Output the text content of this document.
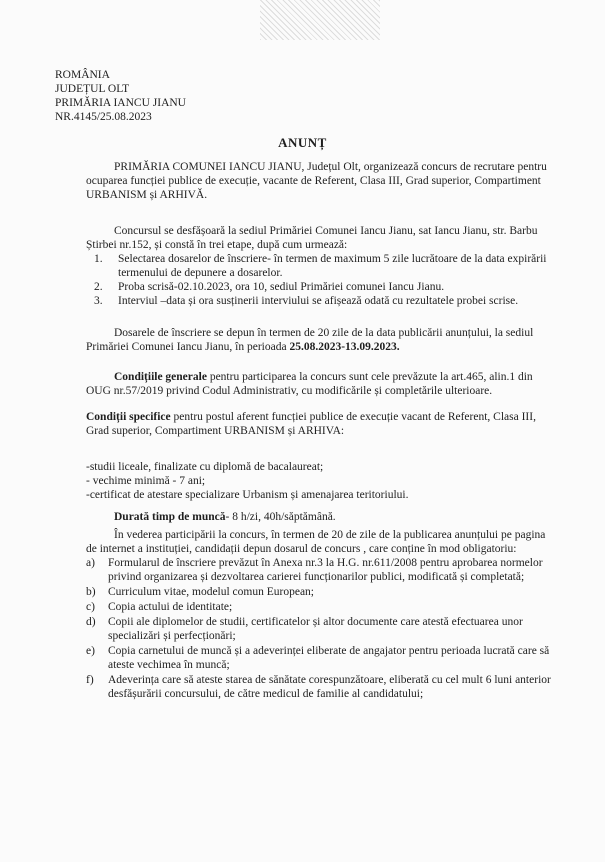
ROMÂNIA
JUDEȚUL OLT
PRIMĂRIA IANCU JIANU
NR.4145/25.08.2023
ANUNȚ

PRIMĂRIA COMUNEI IANCU JIANU, Județul Olt, organizează concurs de recrutare pentru ocuparea funcției publice de execuție, vacante de Referent, Clasa III, Grad superior, Compartiment URBANISM și ARHIVĂ.

Concursul se desfășoară la sediul Primăriei Comunei Iancu Jianu, sat Iancu Jianu, str. Barbu Știrbei nr.152, și constă în trei etape, după cum urmează:

1. Selectarea dosarelor de înscriere- în termen de maximum 5 zile lucrătoare de la data expirării termenului de depunere a dosarelor.
2. Proba scrisă-02.10.2023, ora 10, sediul Primăriei comunei Iancu Jianu.
3. Interviul –data și ora susținerii interviului se afișează odată cu rezultatele probei scrise.

Dosarele de înscriere se depun în termen de 20 zile de la data publicării anunțului, la sediul Primăriei Comunei Iancu Jianu, în perioada 25.08.2023-13.09.2023.

Condițiile generale pentru participarea la concurs sunt cele prevăzute la art.465, alin.1 din OUG nr.57/2019 privind Codul Administrativ, cu modificările și completările ulterioare.

Condiții specifice pentru postul aferent funcției publice de execuție vacant de Referent, Clasa III, Grad superior, Compartiment URBANISM și ARHIVA:

-studii liceale, finalizate cu diplomă de bacalaureat;
- vechime minimă - 7 ani;
-certificat de atestare specializare Urbanism și amenajarea teritoriului.

Durată timp de muncă- 8 h/zi, 40h/săptămână.

În vederea participării la concurs, în termen de 20 de zile de la publicarea anunțului pe pagina de internet a instituției, candidații depun dosarul de concurs , care conține în mod obligatoriu:

a) Formularul de înscriere prevăzut în Anexa nr.3 la H.G. nr.611/2008 pentru aprobarea normelor privind organizarea și dezvoltarea carierei funcționarilor publici, modificată și completată;
b) Curriculum vitae, modelul comun European;
c) Copia actului de identitate;
d) Copii ale diplomelor de studii, certificatelor și altor documente care atestă efectuarea unor specializări și perfecționări;
e) Copia carnetului de muncă și a adeverinței eliberate de angajator pentru perioada lucrată care să ateste vechimea în muncă;
f) Adeverința care să ateste starea de sănătate corespunzătoare, eliberată cu cel mult 6 luni anterior desfășurării concursului, de către medicul de familie al candidatului;
